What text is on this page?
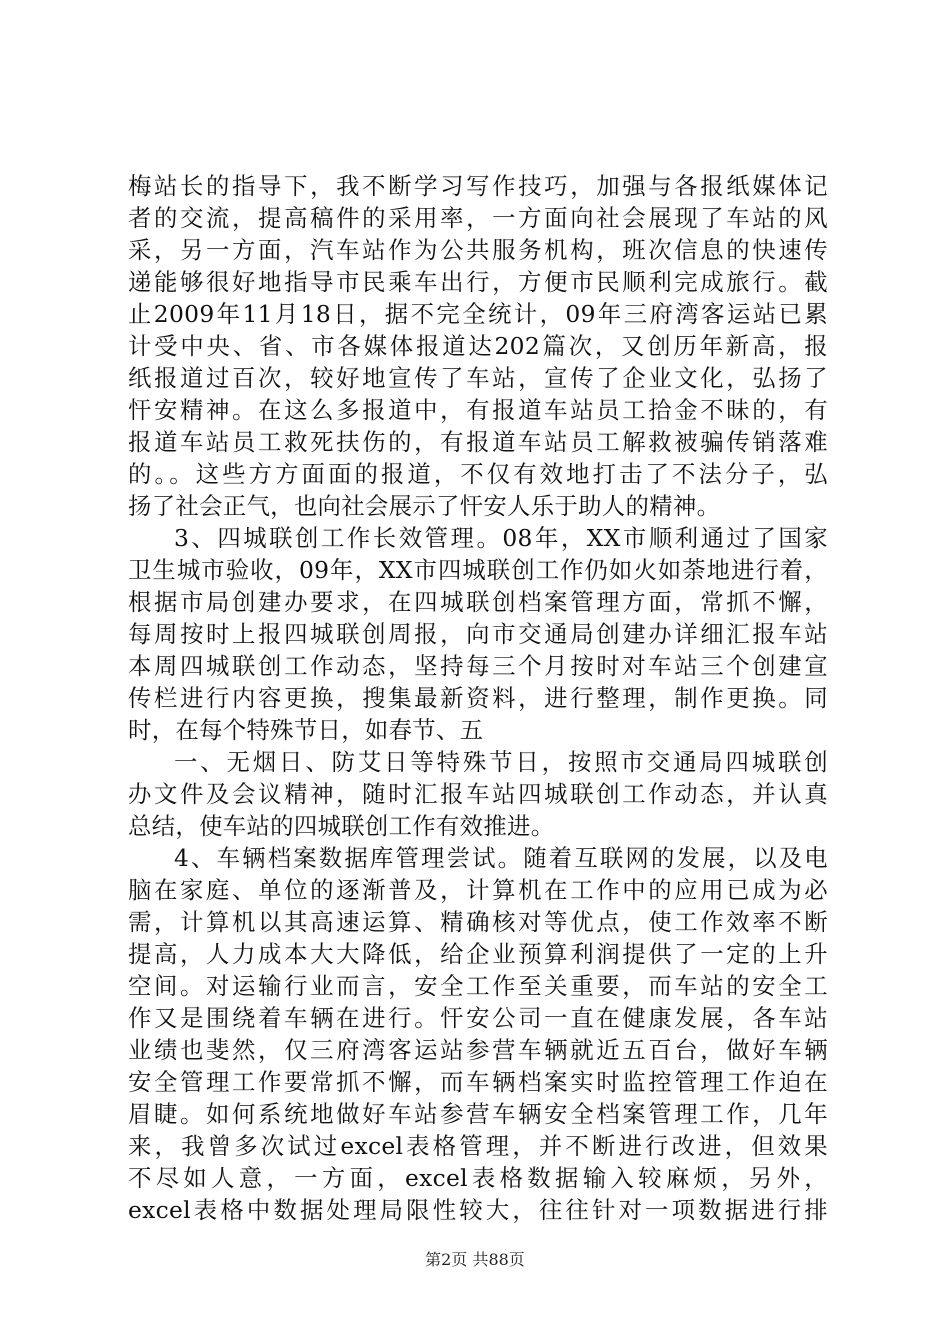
梅站长的指导下，我不断学习写作技巧，加强与各报纸媒体记
者的交流，提高稿件的采用率，一方面向社会展现了车站的风
采，另一方面，汽车站作为公共服务机构，班次信息的快速传
递能够很好地指导市民乘车出行，方便市民顺利完成旅行。截
止2009年11月18日，据不完全统计，09年三府湾客运站已累
计受中央、省、市各媒体报道达202篇次，又创历年新高，报
纸报道过百次，较好地宣传了车站，宣传了企业文化，弘扬了
忓安精神。在这么多报道中，有报道车站员工拾金不昧的，有
报道车站员工救死扶伤的，有报道车站员工解救被骗传销落难
的。。这些方方面面的报道，不仅有效地打击了不法分子，弘
扬了社会正气，也向社会展示了忓安人乐于助人的精神。
3、四城联创工作长效管理。08年，XX市顺利通过了国家
卫生城市验收，09年，XX市四城联创工作仍如火如荼地进行着，
根据市局创建办要求，在四城联创档案管理方面，常抓不懈，
每周按时上报四城联创周报，向市交通局创建办详细汇报车站
本周四城联创工作动态，坚持每三个月按时对车站三个创建宣
传栏进行内容更换，搜集最新资料，进行整理，制作更换。同
时，在每个特殊节日，如春节、五
一、无烟日、防艾日等特殊节日，按照市交通局四城联创
办文件及会议精神，随时汇报车站四城联创工作动态，并认真
总结，使车站的四城联创工作有效推进。
4、车辆档案数据库管理尝试。随着互联网的发展，以及电
脑在家庭、单位的逐渐普及，计算机在工作中的应用已成为必
需，计算机以其高速运算、精确核对等优点，使工作效率不断
提高，人力成本大大降低，给企业预算利润提供了一定的上升
空间。对运输行业而言，安全工作至关重要，而车站的安全工
作又是围绕着车辆在进行。忓安公司一直在健康发展，各车站
业绩也斐然，仅三府湾客运站参营车辆就近五百台，做好车辆
安全管理工作要常抓不懈，而车辆档案实时监控管理工作迫在
眉睫。如何系统地做好车站参营车辆安全档案管理工作，几年
来，我曾多次试过excel表格管理，并不断进行改进，但效果
不尽如人意，一方面，excel表格数据输入较麻烦，另外，
excel表格中数据处理局限性较大，往往针对一项数据进行排
第2页 共88页
